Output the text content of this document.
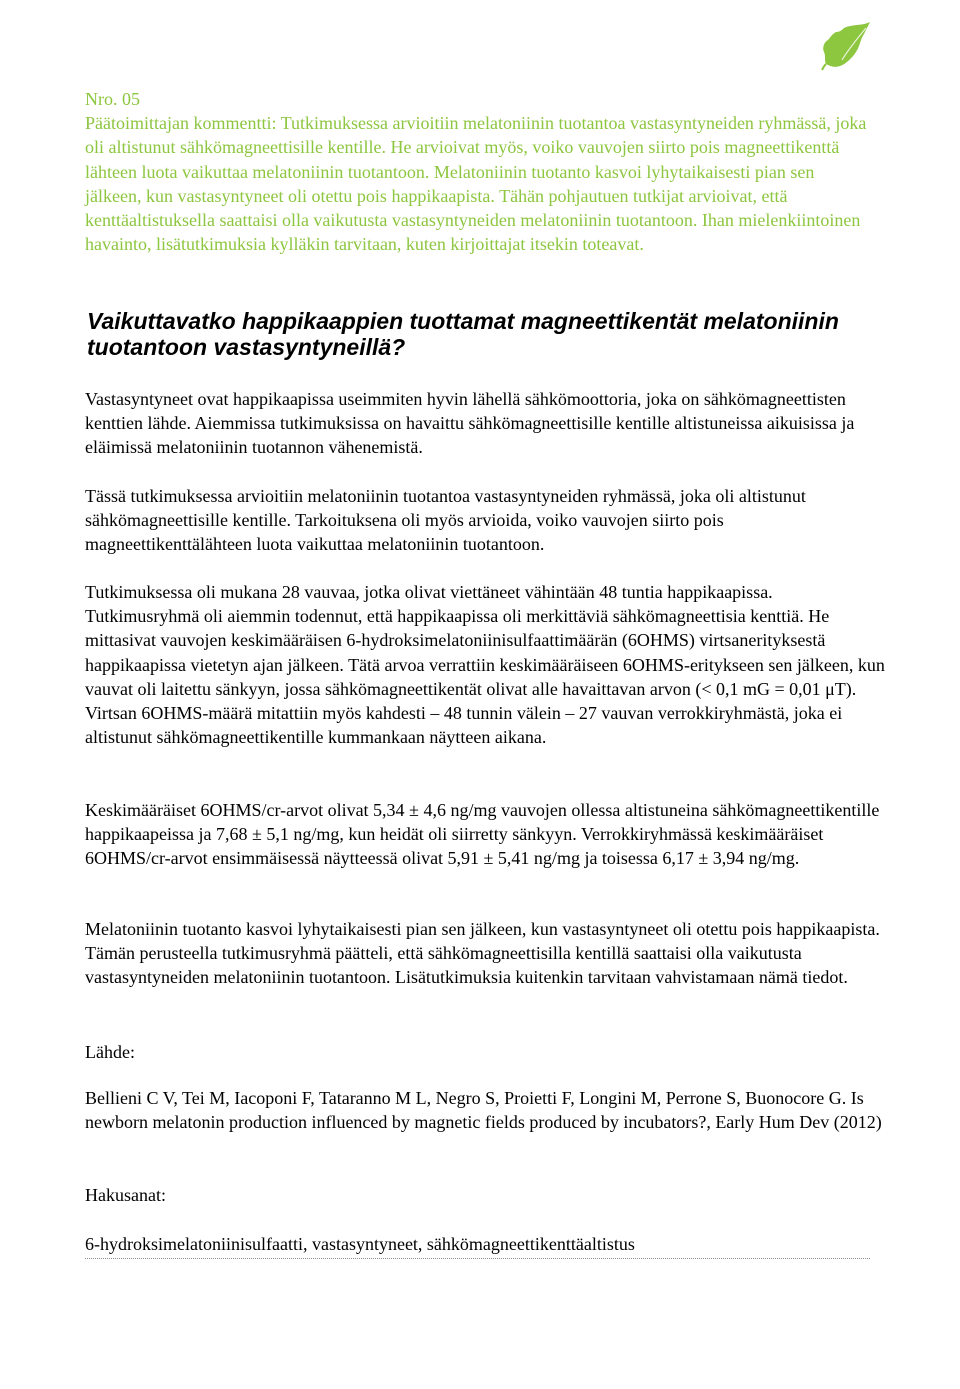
Nro. 05

Päätoimittajan kommentti: Tutkimuksessa arvioitiin melatoniinin tuotantoa vastasyntyneiden ryhmässä, joka oli altistunut sähkömagneettisille kentille. He arvioivat myös, voiko vauvojen siirto pois magneettikenttä lähteen luota vaikuttaa melatoniinin tuotantoon. Melatoniinin tuotanto kasvoi lyhytaikaisesti pian sen jälkeen, kun vastasyntyneet oli otettu pois happikaapista. Tähän pohjautuen tutkijat arvioivat, että kenttäaltistuksella saattaisi olla vaikutusta vastasyntyneiden melatoniinin tuotantoon. Ihan mielenkiintoinen havainto, lisätutkimuksia kylläkin tarvitaan, kuten kirjoittajat itsekin toteavat.

Vaikuttavatko happikaappien tuottamat magneettikentät melatoniinin tuotantoon vastasyntyneillä?

Vastasyntyneet ovat happikaapissa useimmiten hyvin lähellä sähkömoottoria, joka on sähkömagneettisten kenttien lähde. Aiemmissa tutkimuksissa on havaittu sähkömagneettisille kentille altistuneissa aikuisissa ja eläimissä melatoniinin tuotannon vähenemistä.

Tässä tutkimuksessa arvioitiin melatoniinin tuotantoa vastasyntyneiden ryhmässä, joka oli altistunut sähkömagneettisille kentille. Tarkoituksena oli myös arvioida, voiko vauvojen siirto pois magneettikenttälähteen luota vaikuttaa melatoniinin tuotantoon.

Tutkimuksessa oli mukana 28 vauvaa, jotka olivat viettäneet vähintään 48 tuntia happikaapissa. Tutkimusryhmä oli aiemmin todennut, että happikaapissa oli merkittäviä sähkömagneettisia kenttiä. He mittasivat vauvojen keskimääräisen 6-hydroksimelatoniinisulfaattimäärän (6OHMS) virtsanerityksestä happikaapissa vietetyn ajan jälkeen. Tätä arvoa verrattiin keskimääräiseen 6OHMS-eritykseen sen jälkeen, kun vauvat oli laitettu sänkyyn, jossa sähkömagneettikentät olivat alle havaittavan arvon (< 0,1 mG = 0,01 μT). Virtsan 6OHMS-määrä mitattiin myös kahdesti – 48 tunnin välein – 27 vauvan verrokkiryhmästä, joka ei altistunut sähkömagneettikentille kummankaan näytteen aikana.

Keskimääräiset 6OHMS/cr-arvot olivat 5,34 ± 4,6 ng/mg vauvojen ollessa altistuneina sähkömagneettikentille happikaapeissa ja 7,68 ± 5,1 ng/mg, kun heidät oli siirretty sänkyyn. Verrokkiryhmässä keskimääräiset 6OHMS/cr-arvot ensimmäisessä näytteessä olivat 5,91 ± 5,41 ng/mg ja toisessa 6,17 ± 3,94 ng/mg.

Melatoniinin tuotanto kasvoi lyhytaikaisesti pian sen jälkeen, kun vastasyntyneet oli otettu pois happikaapista. Tämän perusteella tutkimusryhmä päätteli, että sähkömagneettisilla kentillä saattaisi olla vaikutusta vastasyntyneiden melatoniinin tuotantoon. Lisätutkimuksia kuitenkin tarvitaan vahvistamaan nämä tiedot.

Lähde:

Bellieni C V, Tei M, Iacoponi F, Tataranno M L, Negro S, Proietti F, Longini M, Perrone S, Buonocore G. Is newborn melatonin production influenced by magnetic fields produced by incubators?, Early Hum Dev (2012)

Hakusanat:

6-hydroksimelatoniinisulfaatti, vastasyntyneet, sähkömagneettikenttäaltistus
